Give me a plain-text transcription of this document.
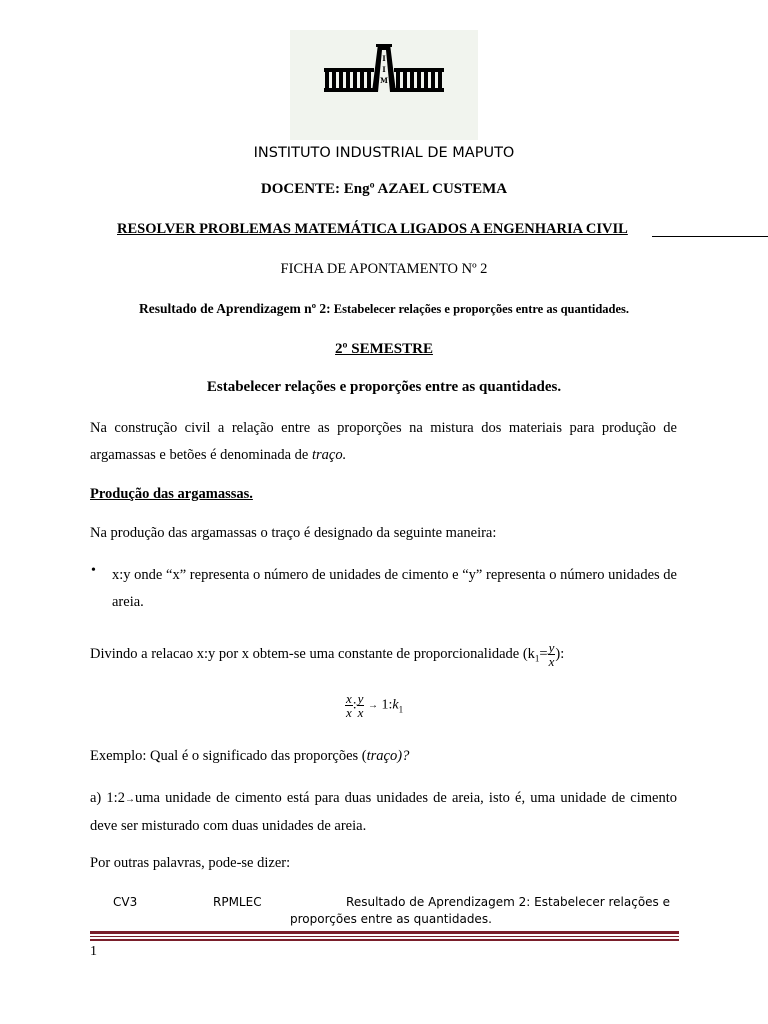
I
I
M
INSTITUTO INDUSTRIAL DE MAPUTO
DOCENTE: Engº AZAEL CUSTEMA
RESOLVER PROBLEMAS MATEMÁTICA LIGADOS A ENGENHARIA CIVIL
FICHA DE APONTAMENTO Nº 2
Resultado de Aprendizagem nº 2: Estabelecer relações e proporções entre as quantidades.
2º SEMESTRE
Estabelecer relações e proporções entre as quantidades.
Na construção civil a relação entre as proporções na mistura dos materiais para produção de argamassas e betões é denominada de traço.
Produção das argamassas.
Na produção das argamassas o traço é designado da seguinte maneira:
• x:y onde “x” representa o número de unidades de cimento e “y” representa o número unidades de areia.
Divindo a relacao x:y por x obtem-se uma constante de proporcionalidade ($k_1= \frac{y}{x}$ ):
$\frac{x}{x}$ : $\frac{y}{x}$ → $1:k_1$
Exemplo: Qual é o significado das proporções (traço)?
a) 1:2→uma unidade de cimento está para duas unidades de areia, isto é, uma unidade de cimento deve ser misturado com duas unidades de areia.
Por outras palavras, pode-se dizer:
CV3	RPMLEC	Resultado de Aprendizagem 2: Estabelecer relações e
proporções entre as quantidades.
1
